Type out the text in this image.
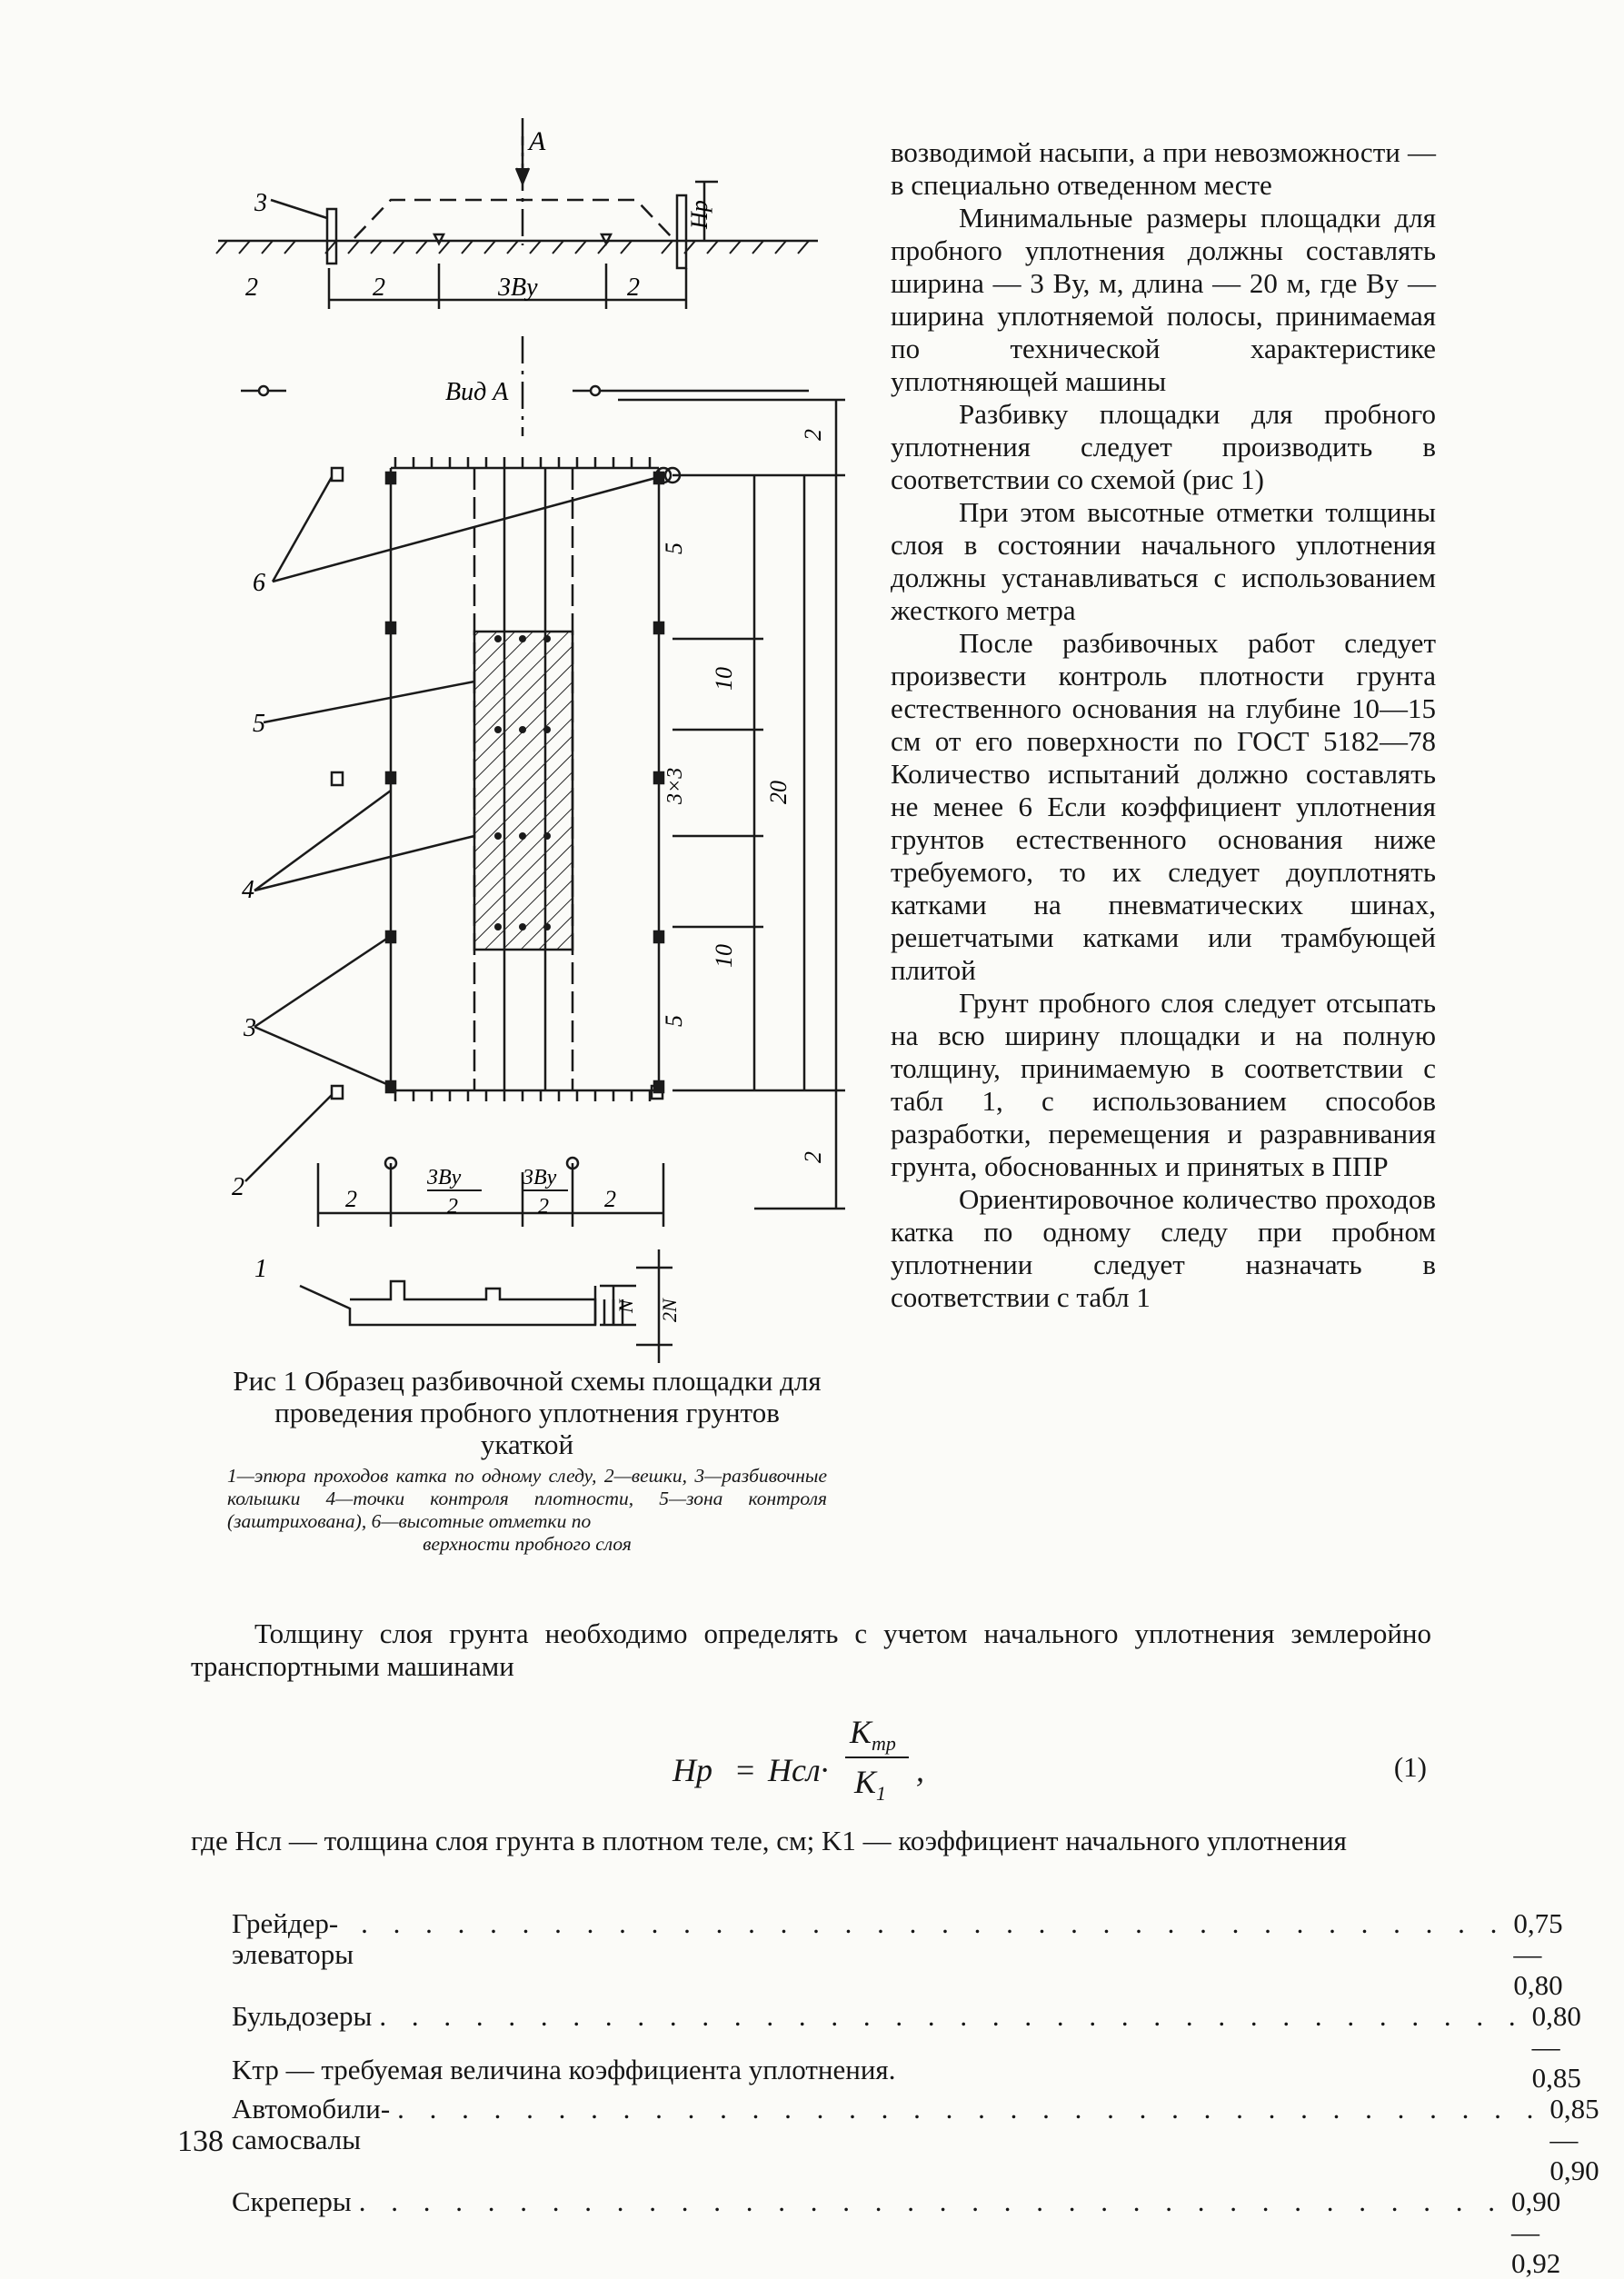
A
Hр
3
2	2	3Bу	2
Вид А
6
5
4
3
2
1
2
5
10
3×3	20
10
5
2
2
3Bу
2
3Bу
2 2
N 2N

возводимой насыпи, а при невозможности — в специально отведенном месте

Минимальные размеры площадки для пробного уплотнения должны составлять ширина — 3 Bу, м, длина — 20 м, где Bу — ширина уплотняемой полосы, принимаемая по технической характеристике уплотняющей машины

Разбивку площадки для пробного уплотнения следует производить в соответствии со схемой (рис 1)

При этом высотные отметки толщины слоя в состоянии начального уплотнения должны устанавливаться с использованием жесткого метра

После разбивочных работ следует произвести контроль плотности грунта естественного основания на глубине 10—15 см от его поверхности по ГОСТ 5182—78 Количество испытаний должно составлять не менее 6 Если коэффициент уплотнения грунтов естественного основания ниже требуемого, то их следует доуплотнять катками на пневматических шинах, решетчатыми катками или трамбующей плитой

Грунт пробного слоя следует отсыпать на всю ширину площадки и на полную толщину, принимаемую в соответствии с табл 1, с использованием способов разработки, перемещения и разравнивания грунта, обоснованных и принятых в ППР

Ориентировочное количество проходов катка по одному следу при пробном уплотнении следует назначать в соответствии с табл 1

Рис 1 Образец разбивочной схемы площадки для проведения пробного уплотнения грунтов укаткой
1—эпюра проходов катка по одному следу, 2—вешки, 3—разбивочные колышки 4—точки контроля плотности, 5—зона контроля (заштрихована), 6—высотные отметки по
верхности пробного слоя
Толщину слоя грунта необходимо определять с учетом начального уплотнения землеройно транспортными машинами
Hр = Hсл·
$K_{тр}$
$K_1$
,	(1)
где Hсл — толщина слоя грунта в плотном теле, см; K1 — коэффициент начального уплотнения
Грейдер-элеваторы
. . . . . . . . . . . . . . . . . . . . . . . . . . . . . . . . . . . . 0,75—0,80
Бульдозеры . . . . . . . . . . . . . . . . . . . . . . . . . . . . . . . . . . . . 0,80—0,85
Автомобили-самосвалы
. . . . . . . . . . . . . . . . . . . . . . . . . . . . . . . . . . . . 0,85—0,90
Скреперы . . . . . . . . . . . . . . . . . . . . . . . . . . . . . . . . . . . . 0,90—0,92
Kтр — требуемая величина коэффициента уплотнения.
138
